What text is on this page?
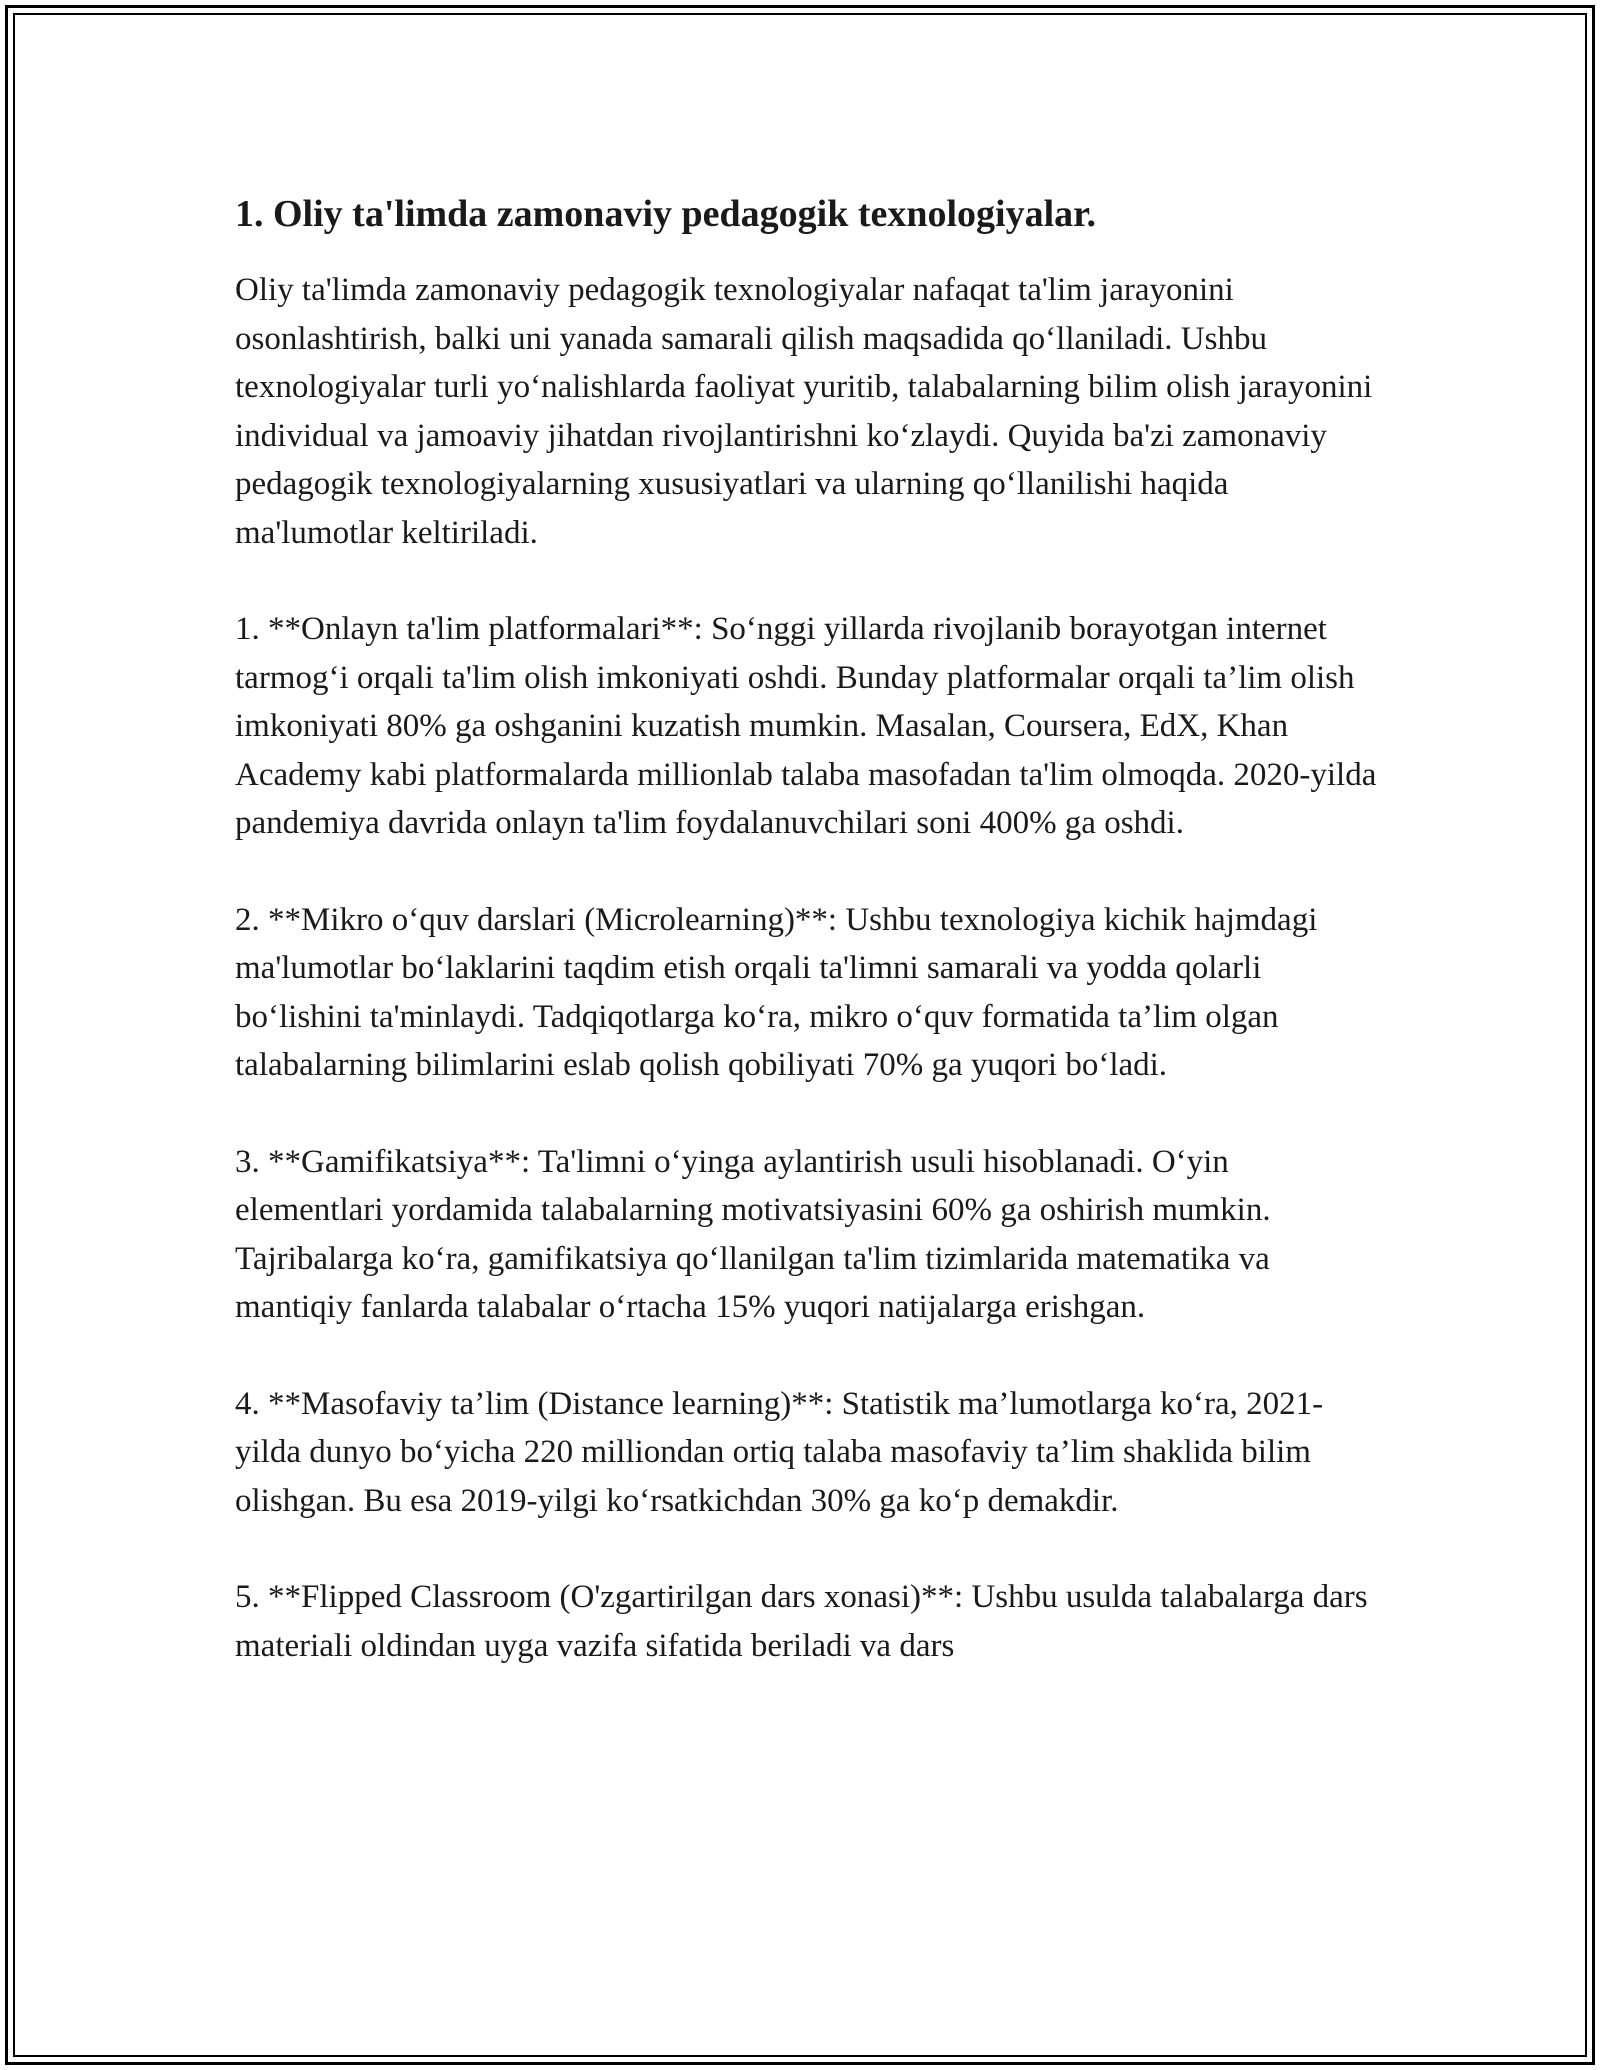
1. Oliy ta'limda zamonaviy pedagogik texnologiyalar.

Oliy ta'limda zamonaviy pedagogik texnologiyalar nafaqat ta'lim jarayonini osonlashtirish, balki uni yanada samarali qilish maqsadida qo‘llaniladi. Ushbu texnologiyalar turli yo‘nalishlarda faoliyat yuritib, talabalarning bilim olish jarayonini individual va jamoaviy jihatdan rivojlantirishni ko‘zlaydi. Quyida ba'zi zamonaviy pedagogik texnologiyalarning xususiyatlari va ularning qo‘llanilishi haqida ma'lumotlar keltiriladi.

1. **Onlayn ta'lim platformalari**: So‘nggi yillarda rivojlanib borayotgan internet tarmog‘i orqali ta'lim olish imkoniyati oshdi. Bunday platformalar orqali ta’lim olish imkoniyati 80% ga oshganini kuzatish mumkin. Masalan, Coursera, EdX, Khan Academy kabi platformalarda millionlab talaba masofadan ta'lim olmoqda. 2020-yilda pandemiya davrida onlayn ta'lim foydalanuvchilari soni 400% ga oshdi.

2. **Mikro o‘quv darslari (Microlearning)**: Ushbu texnologiya kichik hajmdagi ma'lumotlar bo‘laklarini taqdim etish orqali ta'limni samarali va yodda qolarli bo‘lishini ta'minlaydi. Tadqiqotlarga ko‘ra, mikro o‘quv formatida ta’lim olgan talabalarning bilimlarini eslab qolish qobiliyati 70% ga yuqori bo‘ladi.

3. **Gamifikatsiya**: Ta'limni o‘yinga aylantirish usuli hisoblanadi. O‘yin elementlari yordamida talabalarning motivatsiyasini 60% ga oshirish mumkin. Tajribalarga ko‘ra, gamifikatsiya qo‘llanilgan ta'lim tizimlarida matematika va mantiqiy fanlarda talabalar o‘rtacha 15% yuqori natijalarga erishgan.

4. **Masofaviy ta’lim (Distance learning)**: Statistik ma’lumotlarga ko‘ra, 2021-yilda dunyo bo‘yicha 220 milliondan ortiq talaba masofaviy ta’lim shaklida bilim olishgan. Bu esa 2019-yilgi ko‘rsatkichdan 30% ga ko‘p demakdir.

5. **Flipped Classroom (O'zgartirilgan dars xonasi)**: Ushbu usulda talabalarga dars materiali oldindan uyga vazifa sifatida beriladi va dars
